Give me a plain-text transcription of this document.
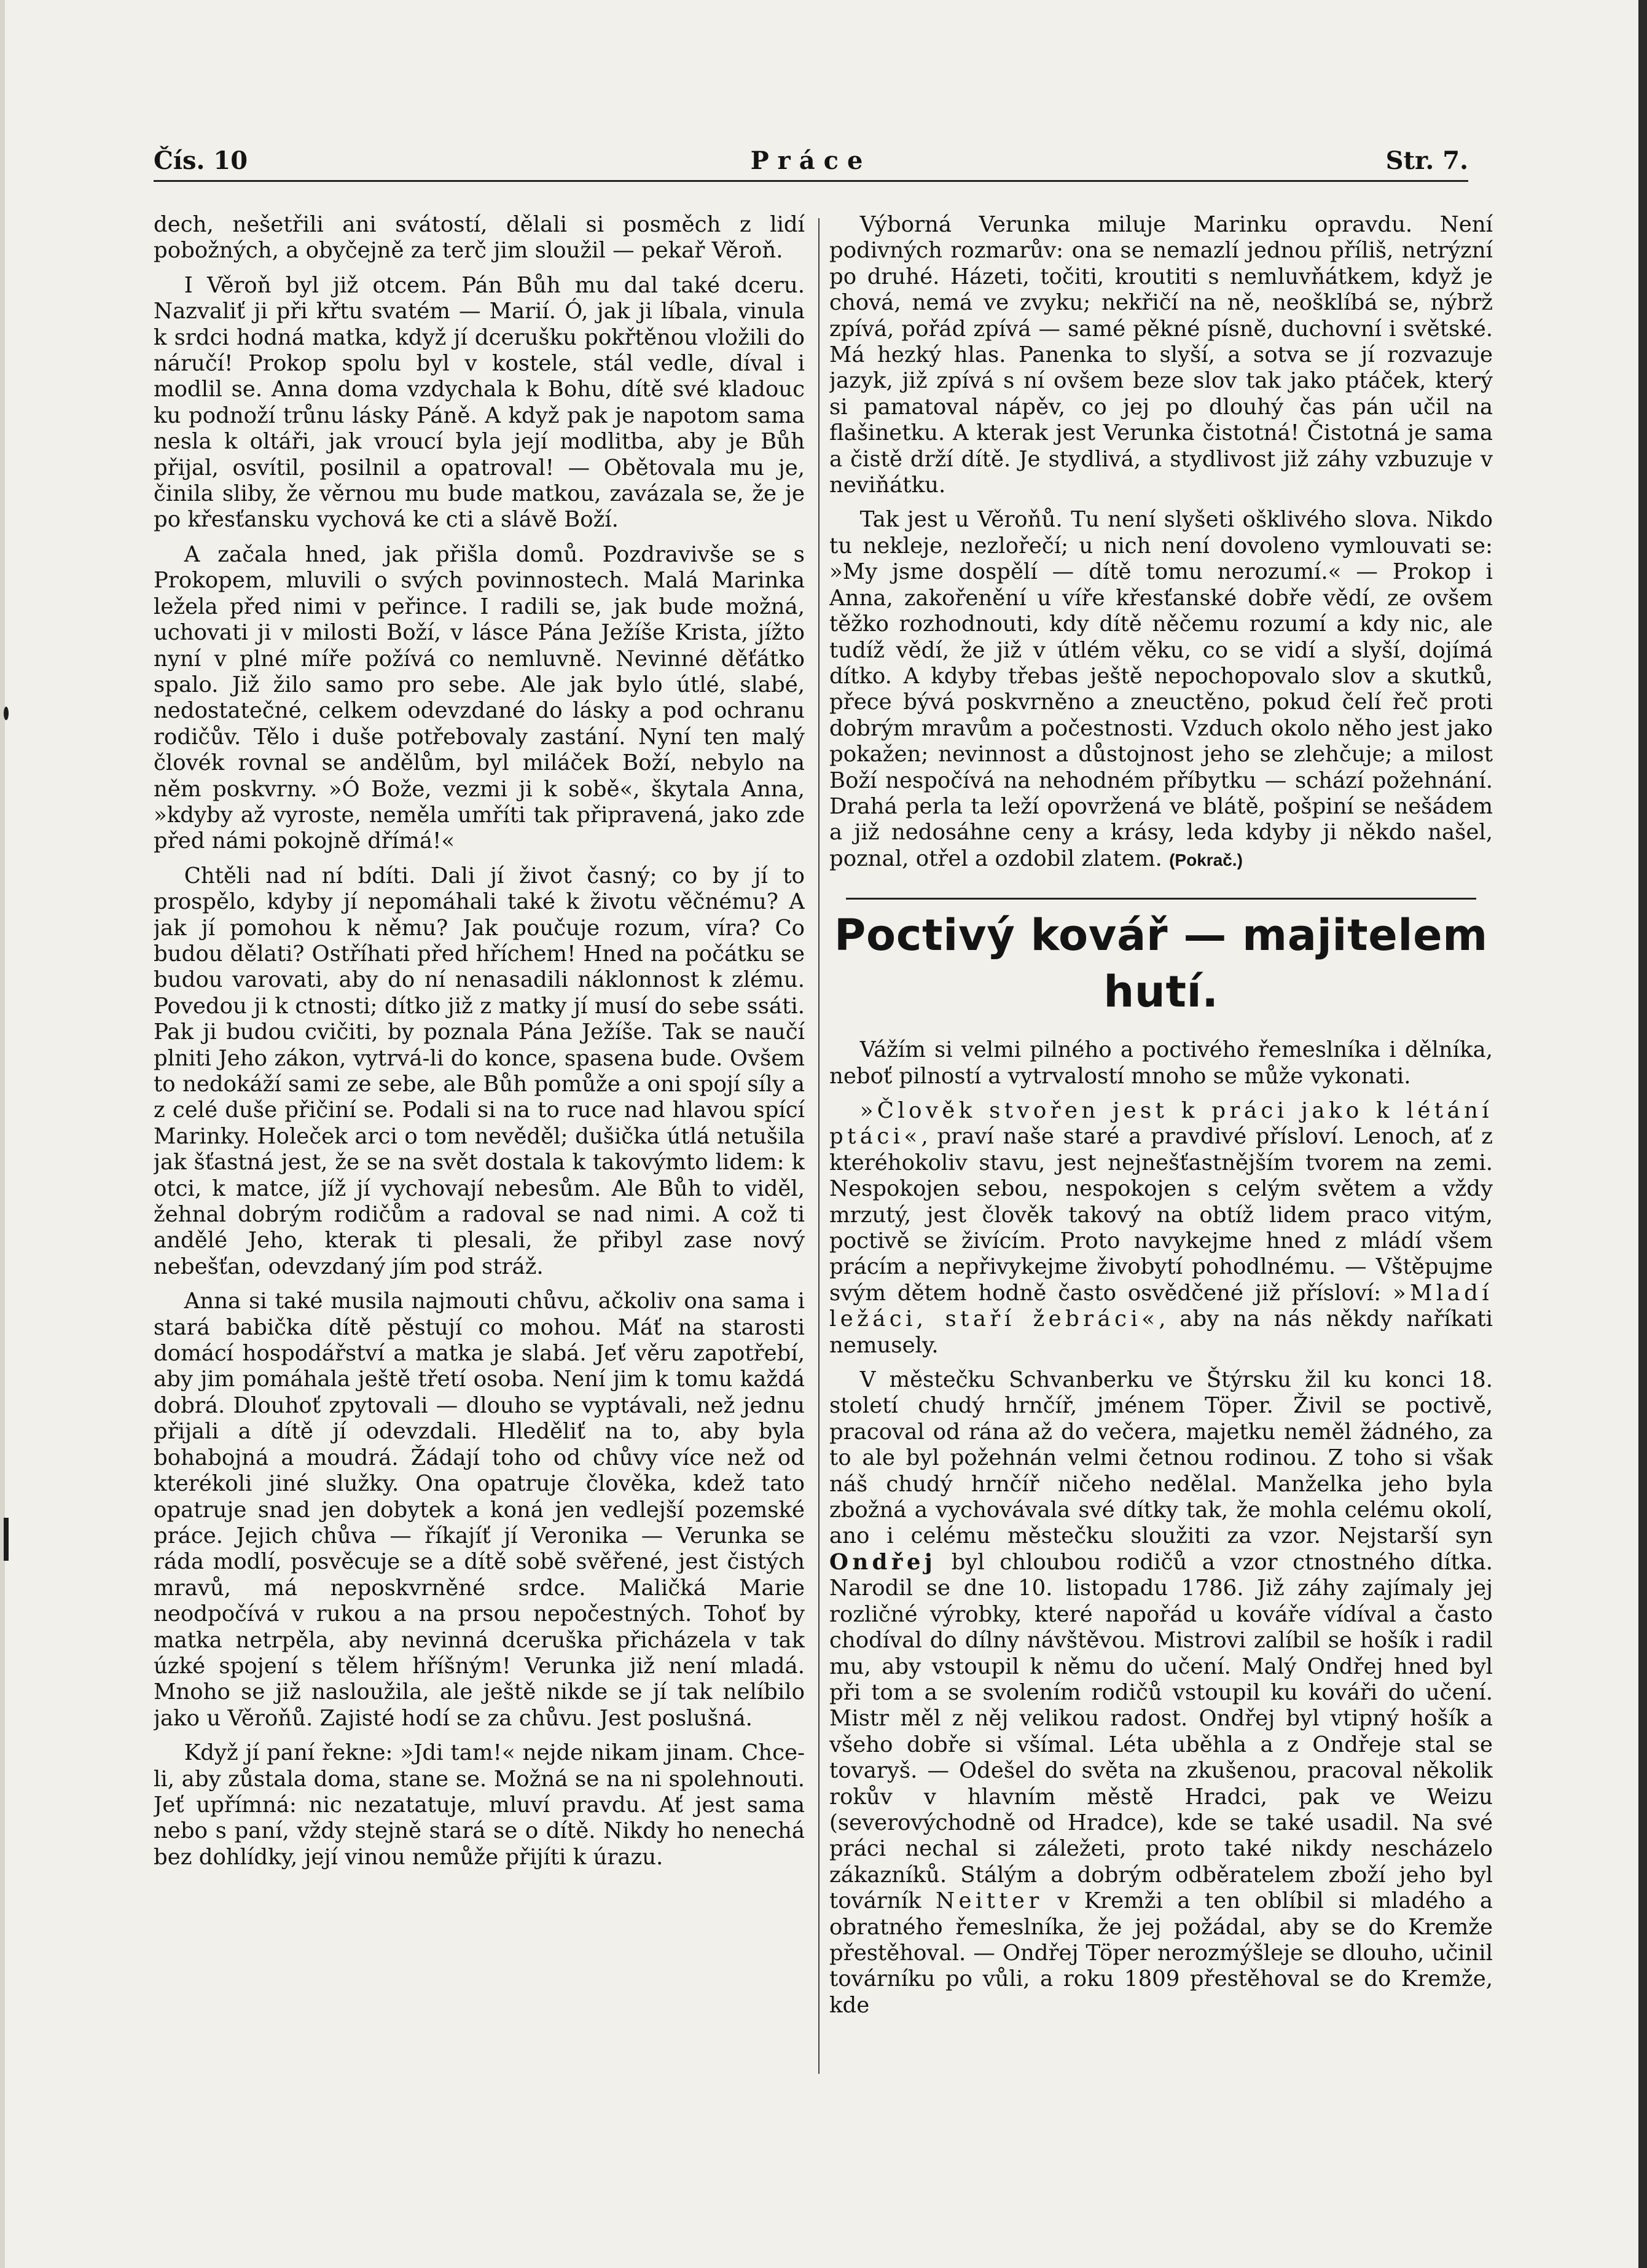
Čís. 10	Práce	Str. 7.

dech, nešetřili ani svátostí, dělali si posměch z lidí pobožných, a obyčejně za terč jim sloužil — pekař Věroň.

I Věroň byl již otcem. Pán Bůh mu dal také dceru. Nazvaliť ji při křtu svatém — Marií. Ó, jak ji líbala, vinula k srdci hodná matka, když jí dcerušku pokřtěnou vložili do náručí! Prokop spolu byl v kostele, stál vedle, díval i modlil se. Anna doma vzdychala k Bohu, dítě své kladouc ku podnoží trůnu lásky Páně. A když pak je napotom sama nesla k oltáři, jak vroucí byla její modlitba, aby je Bůh přijal, osvítil, posilnil a opatroval! — Obětovala mu je, činila sliby, že věrnou mu bude matkou, zavázala se, že je po křesťansku vychová ke cti a slávě Boží.

A začala hned, jak přišla domů. Pozdravivše se s Prokopem, mluvili o svých povinnostech. Malá Marinka ležela před nimi v peřince. I radili se, jak bude možná, uchovati ji v milosti Boží, v lásce Pána Ježíše Krista, jížto nyní v plné míře požívá co nemluvně. Nevinné děťátko spalo. Již žilo samo pro sebe. Ale jak bylo útlé, slabé, nedostatečné, celkem odevzdané do lásky a pod ochranu rodičův. Tělo i duše potřebovaly zastání. Nyní ten malý človék rovnal se andělům, byl miláček Boží, nebylo na něm poskvrny. »Ó Bože, vezmi ji k sobě«, škytala Anna, »kdyby až vyroste, neměla umříti tak připravená, jako zde před námi pokojně dřímá!«

Chtěli nad ní bdíti. Dali jí život časný; co by jí to prospělo, kdyby jí nepomáhali také k životu věčnému? A jak jí pomohou k němu? Jak poučuje rozum, víra? Co budou dělati? Ostříhati před hříchem! Hned na počátku se budou varovati, aby do ní nenasadili náklonnost k zlému. Povedou ji k ctnosti; dítko již z matky jí musí do sebe ssáti. Pak ji budou cvičiti, by poznala Pána Ježíše. Tak se naučí plniti Jeho zákon, vytrvá-li do konce, spasena bude. Ovšem to nedokáží sami ze sebe, ale Bůh pomůže a oni spojí síly a z celé duše přičiní se. Podali si na to ruce nad hlavou spící Marinky. Holeček arci o tom nevěděl; dušička útlá netušila jak šťastná jest, že se na svět dostala k takovýmto lidem: k otci, k matce, jíž jí vychovají nebesům. Ale Bůh to viděl, žehnal dobrým rodičům a radoval se nad nimi. A což ti andělé Jeho, kterak ti plesali, že přibyl zase nový nebešťan, odevzdaný jím pod stráž.

Anna si také musila najmouti chůvu, ačkoliv ona sama i stará babička dítě pěstují co mohou. Máť na starosti domácí hospodářství a matka je slabá. Jeť věru zapotřebí, aby jim pomáhala ještě třetí osoba. Není jim k tomu každá dobrá. Dlouhoť zpytovali — dlouho se vyptávali, než jednu přijali a dítě jí odevzdali. Hleděliť na to, aby byla bohabojná a moudrá. Žádají toho od chůvy více než od kterékoli jiné služky. Ona opatruje člověka, kdež tato opatruje snad jen dobytek a koná jen vedlejší pozemské práce. Jejich chůva — říkajíť jí Veronika — Verunka se ráda modlí, posvěcuje se a dítě sobě svěřené, jest čistých mravů, má neposkvrněné srdce. Maličká Marie neodpočívá v rukou a na prsou nepočestných. Tohoť by matka netrpěla, aby nevinná dceruška přicházela v tak úzké spojení s tělem hříšným! Verunka již není mladá. Mnoho se již nasloužila, ale ještě nikde se jí tak nelíbilo jako u Věroňů. Zajisté hodí se za chůvu. Jest poslušná.

Když jí paní řekne: »Jdi tam!« nejde nikam jinam. Chce-li, aby zůstala doma, stane se. Možná se na ni spolehnouti. Jeť upřímná: nic nezatatuje, mluví pravdu. Ať jest sama nebo s paní, vždy stejně stará se o dítě. Nikdy ho nenechá bez dohlídky, její vinou nemůže přijíti k úrazu.

Výborná Verunka miluje Marinku opravdu. Není podivných rozmarův: ona se nemazlí jednou příliš, netrýzní po druhé. Házeti, točiti, kroutiti s nemluvňátkem, když je chová, nemá ve zvyku; nekřičí na ně, neošklíbá se, nýbrž zpívá, pořád zpívá — samé pěkné písně, duchovní i světské. Má hezký hlas. Panenka to slyší, a sotva se jí rozvazuje jazyk, již zpívá s ní ovšem beze slov tak jako ptáček, který si pamatoval nápěv, co jej po dlouhý čas pán učil na flašinetku. A kterak jest Verunka čistotná! Čistotná je sama a čistě drží dítě. Je stydlivá, a stydlivost již záhy vzbuzuje v neviňátku.

Tak jest u Věroňů. Tu není slyšeti ošklivého slova. Nikdo tu nekleje, nezlořečí; u nich není dovoleno vymlouvati se: »My jsme dospělí — dítě tomu nerozumí.« — Prokop i Anna, zakořenění u víře křesťanské dobře vědí, ze ovšem těžko rozhodnouti, kdy dítě něčemu rozumí a kdy nic, ale tudíž vědí, že již v útlém věku, co se vidí a slyší, dojímá dítko. A kdyby třebas ještě nepochopovalo slov a skutků, přece bývá poskvrněno a zneuctěno, pokud čelí řeč proti dobrým mravům a počestnosti. Vzduch okolo něho jest jako pokažen; nevinnost a důstojnost jeho se zlehčuje; a milost Boží nespočívá na nehodném příbytku — schází požehnání. Drahá perla ta leží opovržená ve blátě, pošpiní se nešádem a již nedosáhne ceny a krásy, leda kdyby ji někdo našel, poznal, otřel a ozdobil zlatem. (Pokrač.)

Poctivý kovář — majitelem hutí.

Vážím si velmi pilného a poctivého řemeslníka i dělníka, neboť pilností a vytrvalostí mnoho se může vykonati.

»Člověk stvořen jest k práci jako k létání ptáci«, praví naše staré a pravdivé přísloví. Lenoch, ať z kteréhokoliv stavu, jest nejnešťastnějším tvorem na zemi. Nespokojen sebou, nespokojen s celým světem a vždy mrzutý, jest člověk takový na obtíž lidem praco vitým, poctivě se živícím. Proto navykejme hned z mládí všem prácím a nepřivykejme živobytí pohodlnému. — Vštěpujme svým dětem hodně často osvědčené již přísloví: »Mladí ležáci, staří žebráci«, aby na nás někdy naříkati nemusely.

V městečku Schvanberku ve Štýrsku žil ku konci 18. století chudý hrnčíř, jménem Töper. Živil se poctivě, pracoval od rána až do večera, majetku neměl žádného, za to ale byl požehnán velmi četnou rodinou. Z toho si však náš chudý hrnčíř ničeho nedělal. Manželka jeho byla zbožná a vychovávala své dítky tak, že mohla celému okolí, ano i celému městečku sloužiti za vzor. Nejstarší syn Ondřej byl chloubou rodičů a vzor ctnostného dítka. Narodil se dne 10. listopadu 1786. Již záhy zajímaly jej rozličné výrobky, které napořád u kováře vídíval a často chodíval do dílny návštěvou. Mistrovi zalíbil se hošík i radil mu, aby vstoupil k němu do učení. Malý Ondřej hned byl při tom a se svolením rodičů vstoupil ku kováři do učení. Mistr měl z něj velikou radost. Ondřej byl vtipný hošík a všeho dobře si všímal. Léta uběhla a z Ondřeje stal se tovaryš. — Odešel do světa na zkušenou, pracoval několik rokův v hlavním městě Hradci, pak ve Weizu (severovýchodně od Hradce), kde se také usadil. Na své práci nechal si záležeti, proto také nikdy nescházelo zákazníků. Stálým a dobrým odběratelem zboží jeho byl továrník Neitter v Kremži a ten oblíbil si mladého a obratného řemeslníka, že jej požádal, aby se do Kremže přestěhoval. — Ondřej Töper nerozmýšleje se dlouho, učinil továrníku po vůli, a roku 1809 přestěhoval se do Kremže, kde
